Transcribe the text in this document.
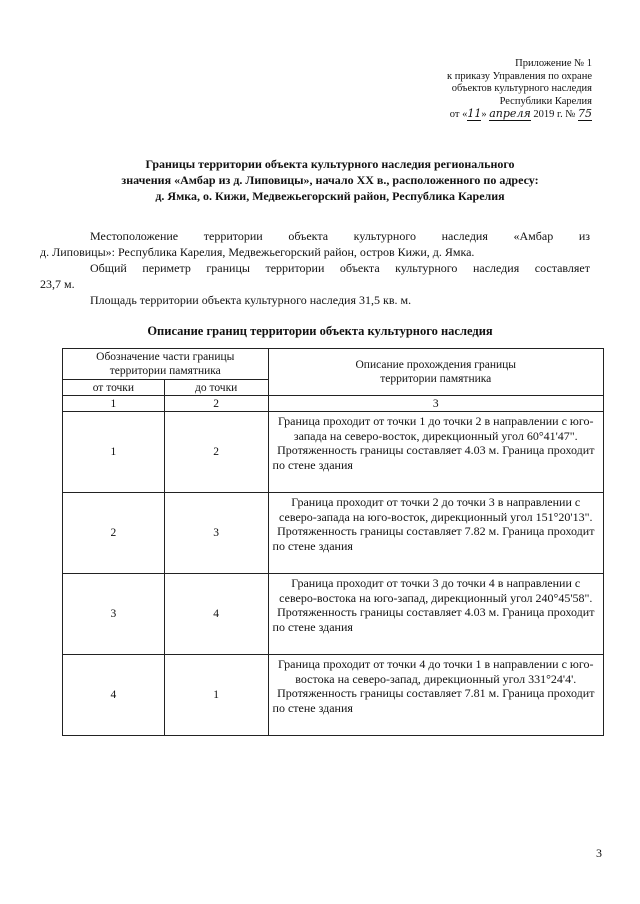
Приложение № 1
к приказу Управления по охране
объектов культурного наследия
Республики Карелия
от «11» апреля 2019 г. № 75
Границы территории объекта культурного наследия регионального
значения «Амбар из д. Липовицы», начало XX в., расположенного по адресу:
д. Ямка, о. Кижи, Медвежьегорский район, Республика Карелия
Местоположение территории объекта культурного наследия «Амбар из
д. Липовицы»: Республика Карелия, Медвежьегорский район, остров Кижи, д. Ямка.
Общий периметр границы территории объекта культурного наследия составляет
23,7 м.
Площадь территории объекта культурного наследия 31,5 кв. м.
Описание границ территории объекта культурного наследия
Обозначение части границы территории памятника		Описание прохождения границы территории памятника
от точки	до точки	
1	2	3
1	2	Граница проходит от точки 1 до точки 2 в направлении с юго-запада на северо-восток, дирекционный угол 60°41'47". Протяженность границы составляет 4.03 м. Граница проходит по стене здания
2	3	Граница проходит от точки 2 до точки 3 в направлении с северо-запада на юго-восток, дирекционный угол 151°20'13". Протяженность границы составляет 7.82 м. Граница проходит по стене здания
3	4	Граница проходит от точки 3 до точки 4 в направлении с северо-востока на юго-запад, дирекционный угол 240°45'58". Протяженность границы составляет 4.03 м. Граница проходит по стене здания
4	1	Граница проходит от точки 4 до точки 1 в направлении с юго-востока на северо-запад, дирекционный угол 331°24'4'. Протяженность границы составляет 7.81 м. Граница проходит по стене здания
3
